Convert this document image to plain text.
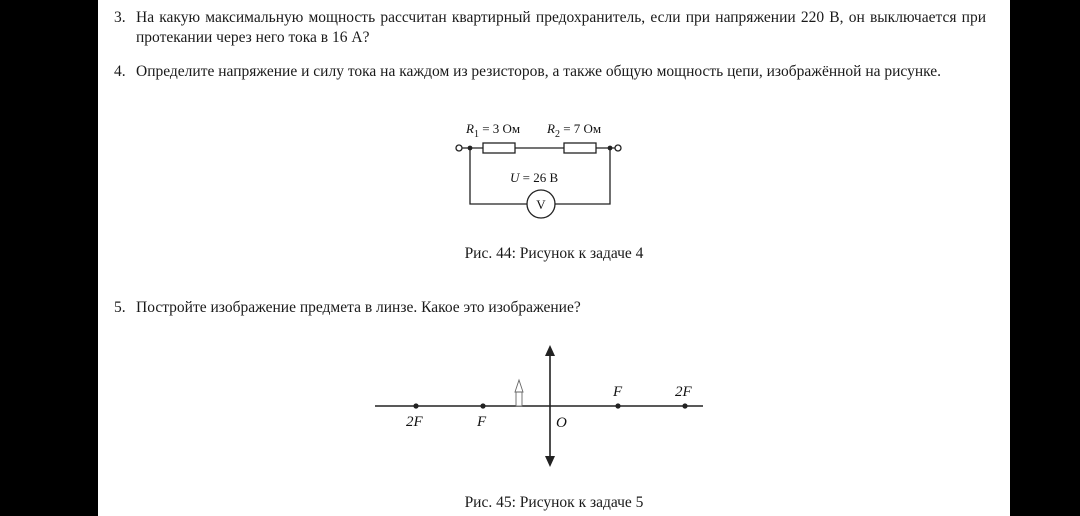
3. На какую максимальную мощность рассчитан квартирный предохранитель, если при напряжении 220 В, он выключается при протекании через него тока в 16 А?
4. Определите напряжение и силу тока на каждом из резисторов, а также общую мощность цепи, изображённой на рисунке.
$R_1 = 3$ Ом $R_2 = 7$ Ом
U = 26 В
V
Рис. 44: Рисунок к задаче 4
5. Постройте изображение предмета в линзе. Какое это изображение?
2F	F	O
F	2F
Рис. 45: Рисунок к задаче 5
